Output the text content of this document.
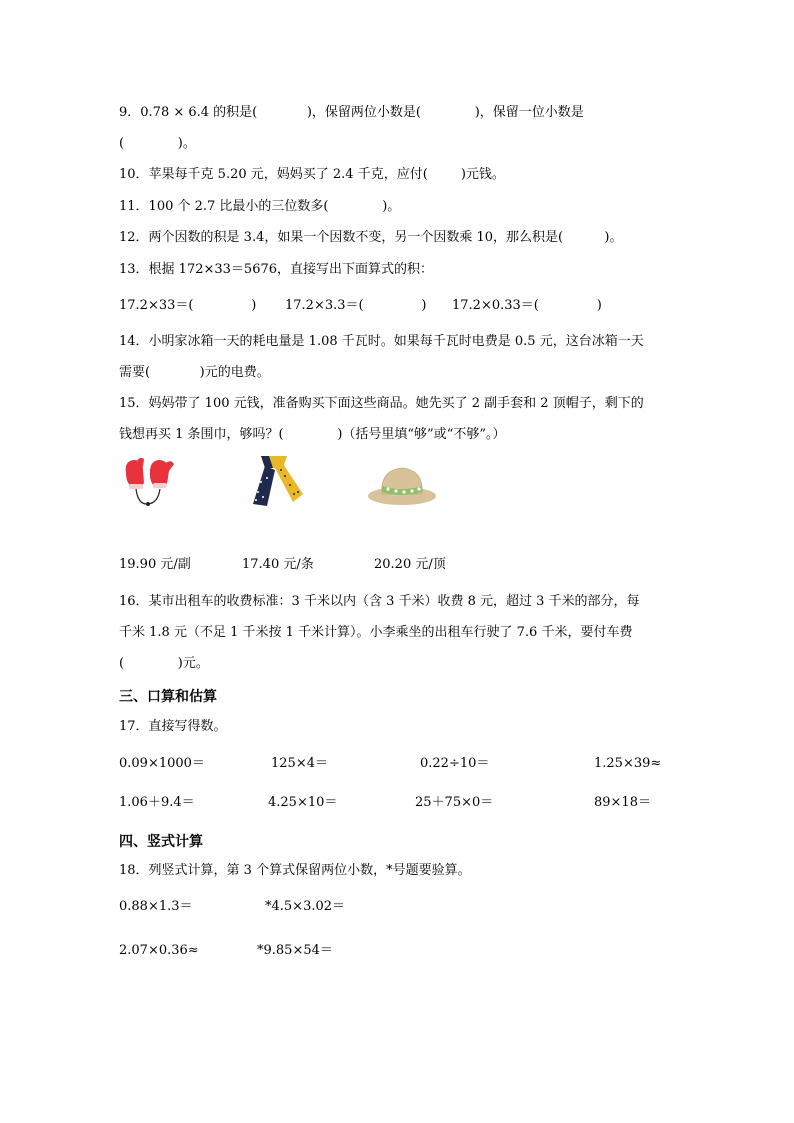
9．0.78 × 6.4 的积是(            )，保留两位小数是(             )，保留一位小数是
(             )。
10．苹果每千克 5.20 元，妈妈买了 2.4 千克，应付(        )元钱。
11．100 个 2.7 比最小的三位数多(             )。
12．两个因数的积是 3.4，如果一个因数不变，另一个因数乘 10，那么积是(          )。
13．根据 172×33＝5676，直接写出下面算式的积：
17.2×33＝(              ) 17.2×3.3＝(              ) 17.2×0.33＝(              )
14．小明家冰箱一天的耗电量是 1.08 千瓦时。如果每千瓦时电费是 0.5 元，这台冰箱一天
需要(            )元的电费。
15．妈妈带了 100 元钱，准备购买下面这些商品。她先买了 2 副手套和 2 顶帽子，剩下的
钱想再买 1 条围巾，够吗？(             )（括号里填“够”或“不够”。）
19.90 元/副	17.40 元/条	20.20 元/顶
16．某市出租车的收费标准：3 千米以内（含 3 千米）收费 8 元，超过 3 千米的部分，每
千米 1.8 元（不足 1 千米按 1 千米计算）。小李乘坐的出租车行驶了 7.6 千米，要付车费
(             )元。
三、口算和估算
17．直接写得数。
0.09×1000＝	125×4＝	0.22÷10＝	1.25×39≈
1.06＋9.4＝	4.25×10＝	25＋75×0＝	89×18＝
四、竖式计算
18．列竖式计算，第 3 个算式保留两位小数，*号题要验算。
0.88×1.3＝	*4.5×3.02＝
2.07×0.36≈	*9.85×54＝
